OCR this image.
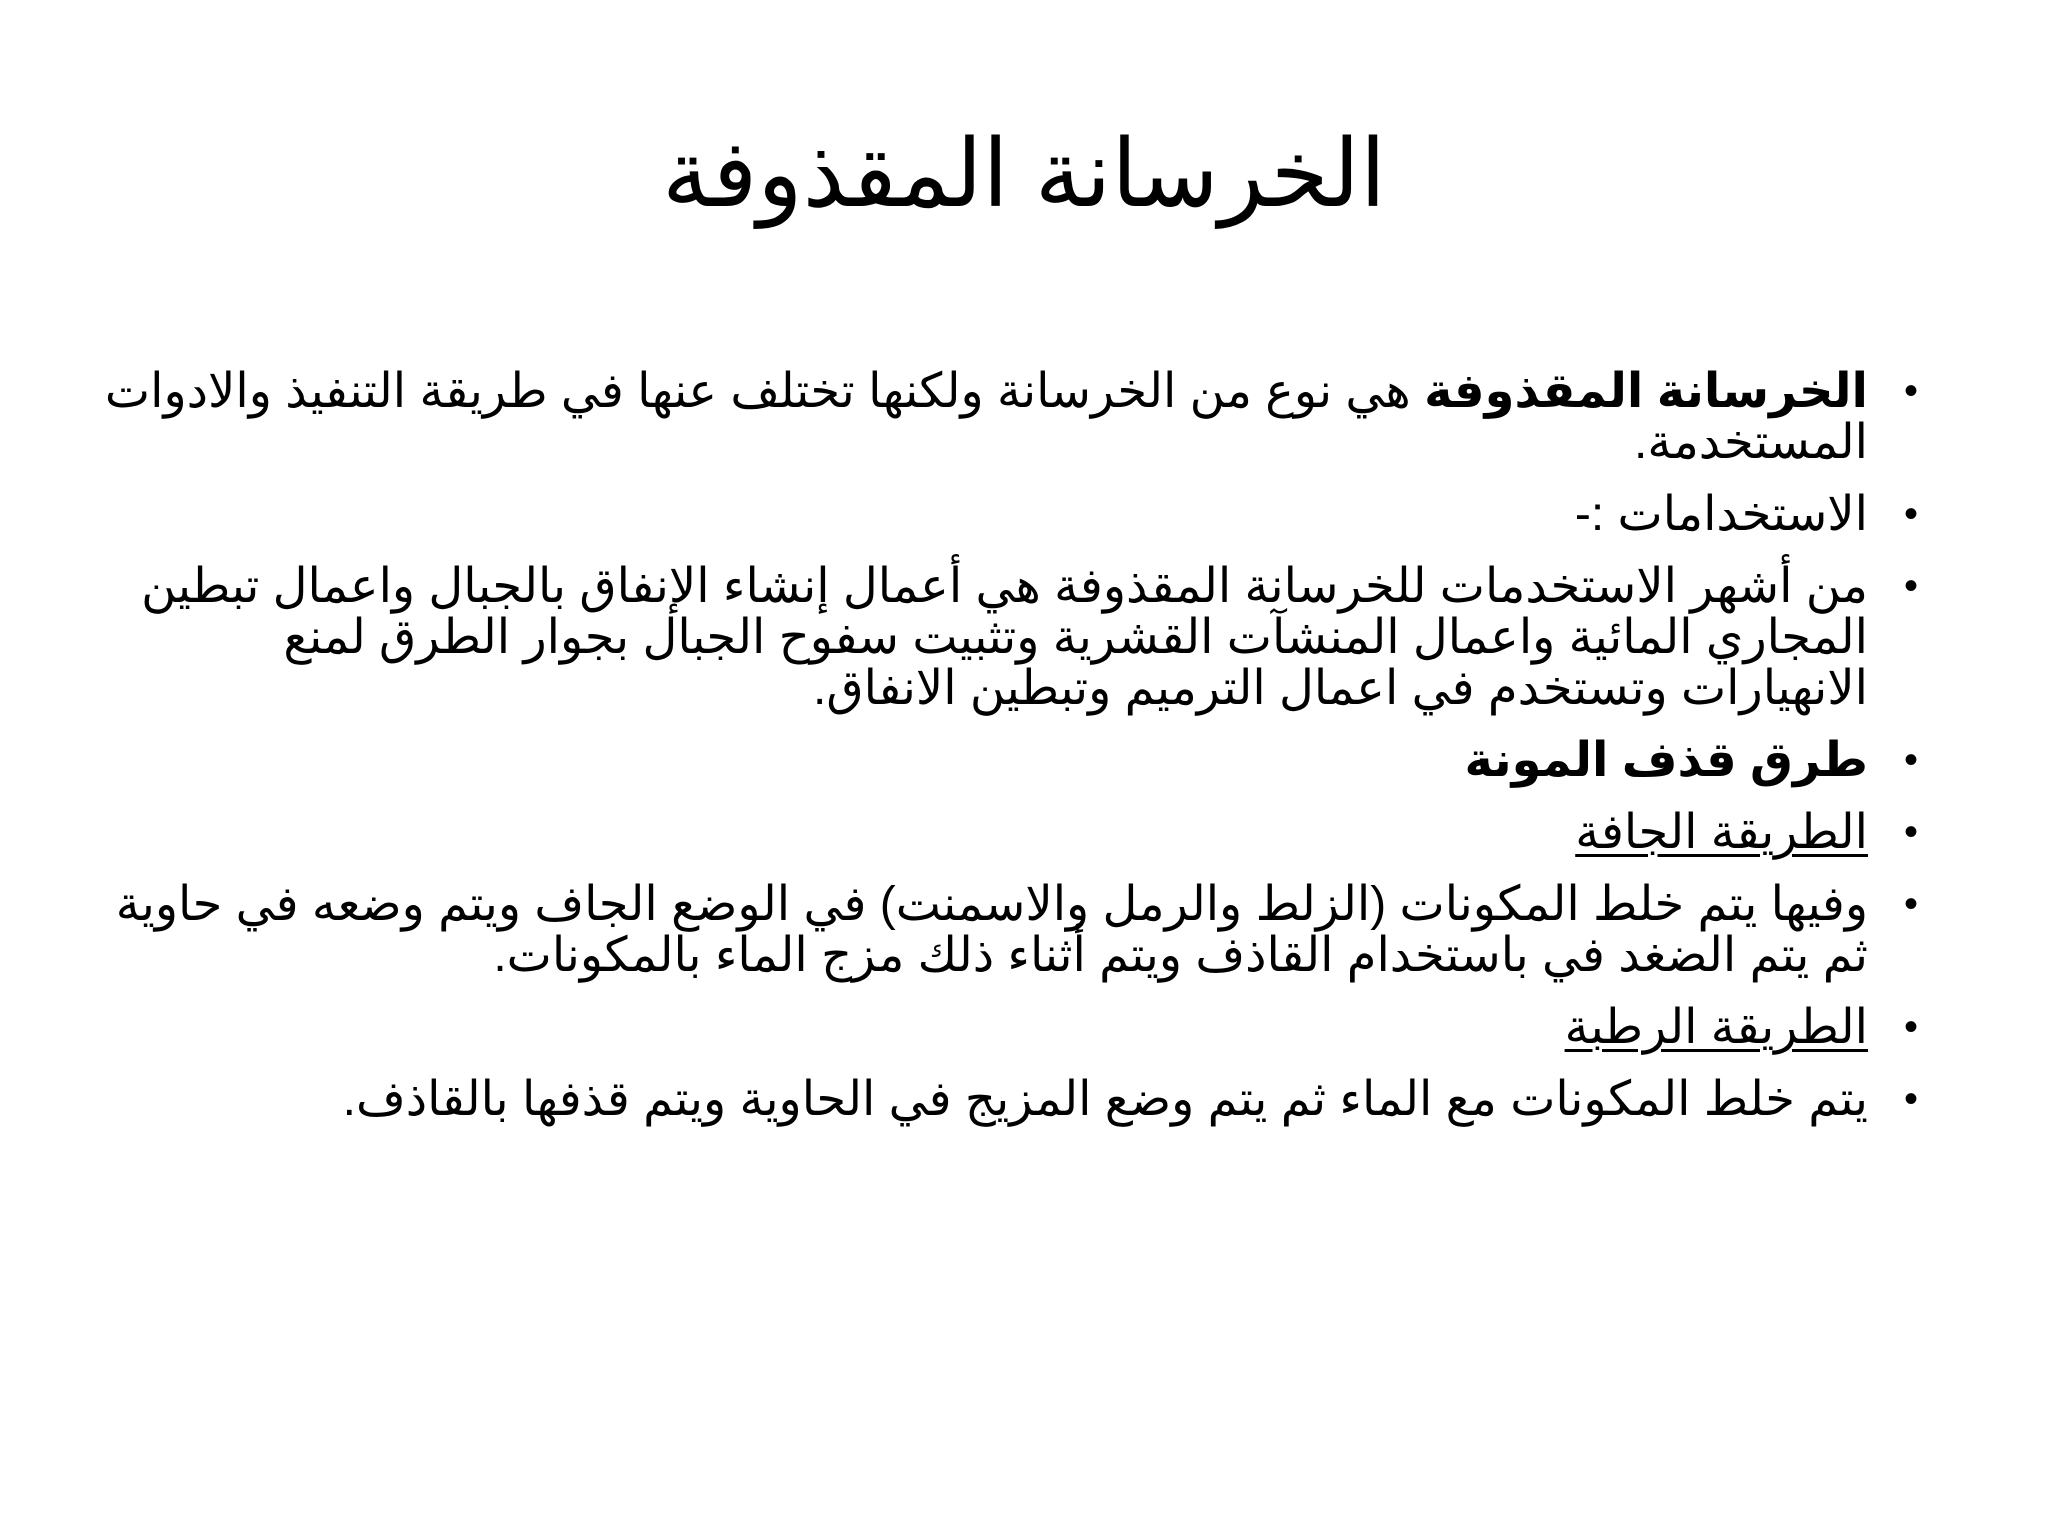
الخرسانة المقذوفة
•
الخرسانة المقذوفة هي نوع من الخرسانة ولكنها تختلف عنها في طريقة التنفيذ والادوات المستخدمة.
•
الاستخدامات :-
•
من أشهر الاستخدمات للخرسانة المقذوفة هي أعمال إنشاء الإنفاق بالجبال واعمال تبطين المجاري المائية واعمال المنشآت القشرية وتثبيت سفوح الجبال بجوار الطرق لمنع الانهيارات وتستخدم في اعمال الترميم وتبطين الانفاق.
•
طرق قذف المونة
•
الطريقة الجافة
•
وفيها يتم خلط المكونات (الزلط والرمل والاسمنت) في الوضع الجاف ويتم وضعه في حاوية ثم يتم الضغد في باستخدام القاذف ويتم أثناء ذلك مزج الماء بالمكونات.
•
الطريقة الرطبة
•
يتم خلط المكونات مع الماء ثم يتم وضع المزيج في الحاوية ويتم قذفها بالقاذف.
